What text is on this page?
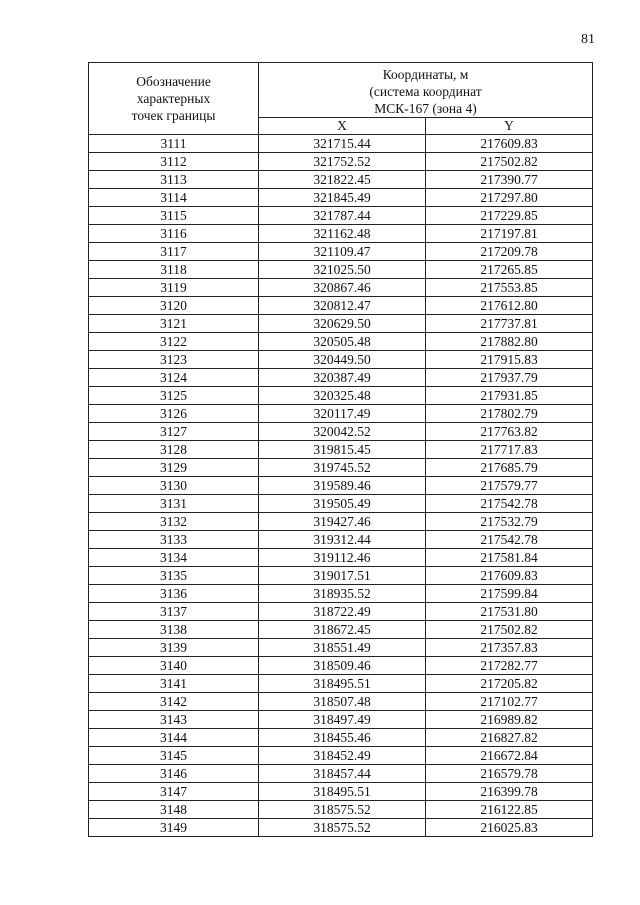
81
Обозначение
характерных
точек границы	Координаты, м
(система координат
МСК-167 (зона 4)	
	X	Y
3111	321715.44	217609.83
3112	321752.52	217502.82
3113	321822.45	217390.77
3114	321845.49	217297.80
3115	321787.44	217229.85
3116	321162.48	217197.81
3117	321109.47	217209.78
3118	321025.50	217265.85
3119	320867.46	217553.85
3120	320812.47	217612.80
3121	320629.50	217737.81
3122	320505.48	217882.80
3123	320449.50	217915.83
3124	320387.49	217937.79
3125	320325.48	217931.85
3126	320117.49	217802.79
3127	320042.52	217763.82
3128	319815.45	217717.83
3129	319745.52	217685.79
3130	319589.46	217579.77
3131	319505.49	217542.78
3132	319427.46	217532.79
3133	319312.44	217542.78
3134	319112.46	217581.84
3135	319017.51	217609.83
3136	318935.52	217599.84
3137	318722.49	217531.80
3138	318672.45	217502.82
3139	318551.49	217357.83
3140	318509.46	217282.77
3141	318495.51	217205.82
3142	318507.48	217102.77
3143	318497.49	216989.82
3144	318455.46	216827.82
3145	318452.49	216672.84
3146	318457.44	216579.78
3147	318495.51	216399.78
3148	318575.52	216122.85
3149	318575.52	216025.83
